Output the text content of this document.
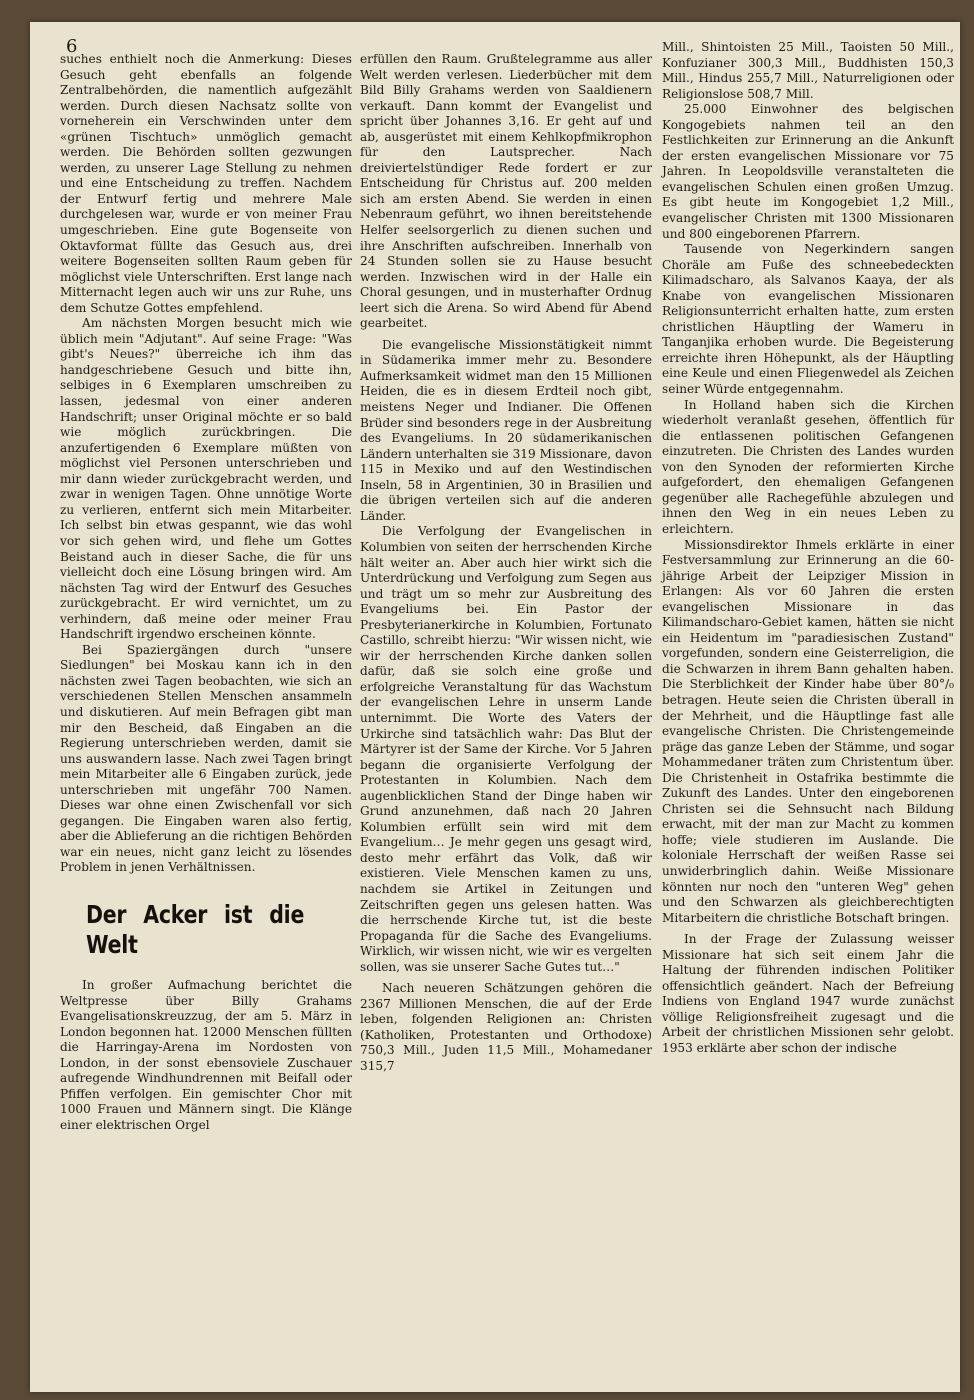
6

suches enthielt noch die Anmerkung: Dieses Gesuch geht ebenfalls an folgende Zentralbehörden, die namentlich aufgezählt werden. Durch diesen Nachsatz sollte von vorneherein ein Verschwinden unter dem «grünen Tischtuch» unmöglich gemacht werden. Die Behörden sollten gezwungen werden, zu unserer Lage Stellung zu nehmen und eine Entscheidung zu treffen. Nachdem der Entwurf fertig und mehrere Male durchgelesen war, wurde er von meiner Frau umgeschrieben. Eine gute Bogenseite von Oktavformat füllte das Gesuch aus, drei weitere Bogenseiten sollten Raum geben für möglichst viele Unterschriften. Erst lange nach Mitternacht legen auch wir uns zur Ruhe, uns dem Schutze Gottes empfehlend.

Am nächsten Morgen besucht mich wie üblich mein "Adjutant". Auf seine Frage: "Was gibt's Neues?" überreiche ich ihm das handgeschriebene Gesuch und bitte ihn, selbiges in 6 Exemplaren umschreiben zu lassen, jedesmal von einer anderen Handschrift; unser Original möchte er so bald wie möglich zurückbringen. Die anzufertigenden 6 Exemplare müßten von möglichst viel Personen unterschrieben und mir dann wieder zurückgebracht werden, und zwar in wenigen Tagen. Ohne unnötige Worte zu verlieren, entfernt sich mein Mitarbeiter. Ich selbst bin etwas gespannt, wie das wohl vor sich gehen wird, und flehe um Gottes Beistand auch in dieser Sache, die für uns vielleicht doch eine Lösung bringen wird. Am nächsten Tag wird der Entwurf des Gesuches zurückgebracht. Er wird vernichtet, um zu verhindern, daß meine oder meiner Frau Handschrift irgendwo erscheinen könnte.

Bei Spaziergängen durch "unsere Siedlungen" bei Moskau kann ich in den nächsten zwei Tagen beobachten, wie sich an verschiedenen Stellen Menschen ansammeln und diskutieren. Auf mein Befragen gibt man mir den Bescheid, daß Eingaben an die Regierung unterschrieben werden, damit sie uns auswandern lasse. Nach zwei Tagen bringt mein Mitarbeiter alle 6 Eingaben zurück, jede unterschrieben mit ungefähr 700 Namen. Dieses war ohne einen Zwischenfall vor sich gegangen. Die Eingaben waren also fertig, aber die Ablieferung an die richtigen Behörden war ein neues, nicht ganz leicht zu lösendes Problem in jenen Verhältnissen.

Der Acker ist die Welt

In großer Aufmachung berichtet die Weltpresse über Billy Grahams Evangelisationskreuzzug, der am 5. März in London begonnen hat. 12000 Menschen füllten die Harringay-Arena im Nordosten von London, in der sonst ebensoviele Zuschauer aufregende Windhundrennen mit Beifall oder Pfiffen verfolgen. Ein gemischter Chor mit 1000 Frauen und Männern singt. Die Klänge einer elektrischen Orgel

erfüllen den Raum. Grußtelegramme aus aller Welt werden verlesen. Liederbücher mit dem Bild Billy Grahams werden von Saaldienern verkauft. Dann kommt der Evangelist und spricht über Johannes 3,16. Er geht auf und ab, ausgerüstet mit einem Kehlkopfmikrophon für den Lautsprecher. Nach dreiviertelstündiger Rede fordert er zur Entscheidung für Christus auf. 200 melden sich am ersten Abend. Sie werden in einen Nebenraum geführt, wo ihnen bereitstehende Helfer seelsorgerlich zu dienen suchen und ihre Anschriften aufschreiben. Innerhalb von 24 Stunden sollen sie zu Hause besucht werden. Inzwischen wird in der Halle ein Choral gesungen, und in musterhafter Ordnug leert sich die Arena. So wird Abend für Abend gearbeitet.

Die evangelische Missionstätigkeit nimmt in Südamerika immer mehr zu. Besondere Aufmerksamkeit widmet man den 15 Millionen Heiden, die es in diesem Erdteil noch gibt, meistens Neger und Indianer. Die Offenen Brüder sind besonders rege in der Ausbreitung des Evangeliums. In 20 südamerikanischen Ländern unterhalten sie 319 Missionare, davon 115 in Mexiko und auf den Westindischen Inseln, 58 in Argentinien, 30 in Brasilien und die übrigen verteilen sich auf die anderen Länder.

Die Verfolgung der Evangelischen in Kolumbien von seiten der herrschenden Kirche hält weiter an. Aber auch hier wirkt sich die Unterdrückung und Verfolgung zum Segen aus und trägt um so mehr zur Ausbreitung des Evangeliums bei. Ein Pastor der Presbyterianerkirche in Kolumbien, Fortunato Castillo, schreibt hierzu: "Wir wissen nicht, wie wir der herrschenden Kirche danken sollen dafür, daß sie solch eine große und erfolgreiche Veranstaltung für das Wachstum der evangelischen Lehre in unserm Lande unternimmt. Die Worte des Vaters der Urkirche sind tatsächlich wahr: Das Blut der Märtyrer ist der Same der Kirche. Vor 5 Jahren begann die organisierte Verfolgung der Protestanten in Kolumbien. Nach dem augenblicklichen Stand der Dinge haben wir Grund anzunehmen, daß nach 20 Jahren Kolumbien erfüllt sein wird mit dem Evangelium… Je mehr gegen uns gesagt wird, desto mehr erfährt das Volk, daß wir existieren. Viele Menschen kamen zu uns, nachdem sie Artikel in Zeitungen und Zeitschriften gegen uns gelesen hatten. Was die herrschende Kirche tut, ist die beste Propaganda für die Sache des Evangeliums. Wirklich, wir wissen nicht, wie wir es vergelten sollen, was sie unserer Sache Gutes tut…"

Nach neueren Schätzungen gehören die 2367 Millionen Menschen, die auf der Erde leben, folgenden Religionen an: Christen (Katholiken, Protestanten und Orthodoxe) 750,3 Mill., Juden 11,5 Mill., Mohamedaner 315,7

Mill., Shintoisten 25 Mill., Taoisten 50 Mill., Konfuzianer 300,3 Mill., Buddhisten 150,3 Mill., Hindus 255,7 Mill., Naturreligionen oder Religionslose 508,7 Mill.

25.000 Einwohner des belgischen Kongogebiets nahmen teil an den Festlichkeiten zur Erinnerung an die Ankunft der ersten evangelischen Missionare vor 75 Jahren. In Leopoldsville veranstalteten die evangelischen Schulen einen großen Umzug. Es gibt heute im Kongogebiet 1,2 Mill., evangelischer Christen mit 1300 Missionaren und 800 eingeborenen Pfarrern.

Tausende von Negerkindern sangen Choräle am Fuße des schneebedeckten Kilimadscharo, als Salvanos Kaaya, der als Knabe von evangelischen Missionaren Religionsunterricht erhalten hatte, zum ersten christlichen Häuptling der Wameru in Tanganjika erhoben wurde. Die Begeisterung erreichte ihren Höhepunkt, als der Häuptling eine Keule und einen Fliegenwedel als Zeichen seiner Würde entgegennahm.

In Holland haben sich die Kirchen wiederholt veranlaßt gesehen, öffentlich für die entlassenen politischen Gefangenen einzutreten. Die Christen des Landes wurden von den Synoden der reformierten Kirche aufgefordert, den ehemaligen Gefangenen gegenüber alle Rachegefühle abzulegen und ihnen den Weg in ein neues Leben zu erleichtern.

Missionsdirektor Ihmels erklärte in einer Festversammlung zur Erinnerung an die 60-jährige Arbeit der Leipziger Mission in Erlangen: Als vor 60 Jahren die ersten evangelischen Missionare in das Kilimandscharo-Gebiet kamen, hätten sie nicht ein Heidentum im "paradiesischen Zustand" vorgefunden, sondern eine Geisterreligion, die die Schwarzen in ihrem Bann gehalten haben. Die Sterblichkeit der Kinder habe über 80°/₀ betragen. Heute seien die Christen überall in der Mehrheit, und die Häuptlinge fast alle evangelische Christen. Die Christengemeinde präge das ganze Leben der Stämme, und sogar Mohammedaner träten zum Christentum über. Die Christenheit in Ostafrika bestimmte die Zukunft des Landes. Unter den eingeborenen Christen sei die Sehnsucht nach Bildung erwacht, mit der man zur Macht zu kommen hoffe; viele studieren im Auslande. Die koloniale Herrschaft der weißen Rasse sei unwiderbringlich dahin. Weiße Missionare könnten nur noch den "unteren Weg" gehen und den Schwarzen als gleichberechtigten Mitarbeitern die christliche Botschaft bringen.

In der Frage der Zulassung weisser Missionare hat sich seit einem Jahr die Haltung der führenden indischen Politiker offensichtlich geändert. Nach der Befreiung Indiens von England 1947 wurde zunächst völlige Religionsfreiheit zugesagt und die Arbeit der christlichen Missionen sehr gelobt. 1953 erklärte aber schon der indische
